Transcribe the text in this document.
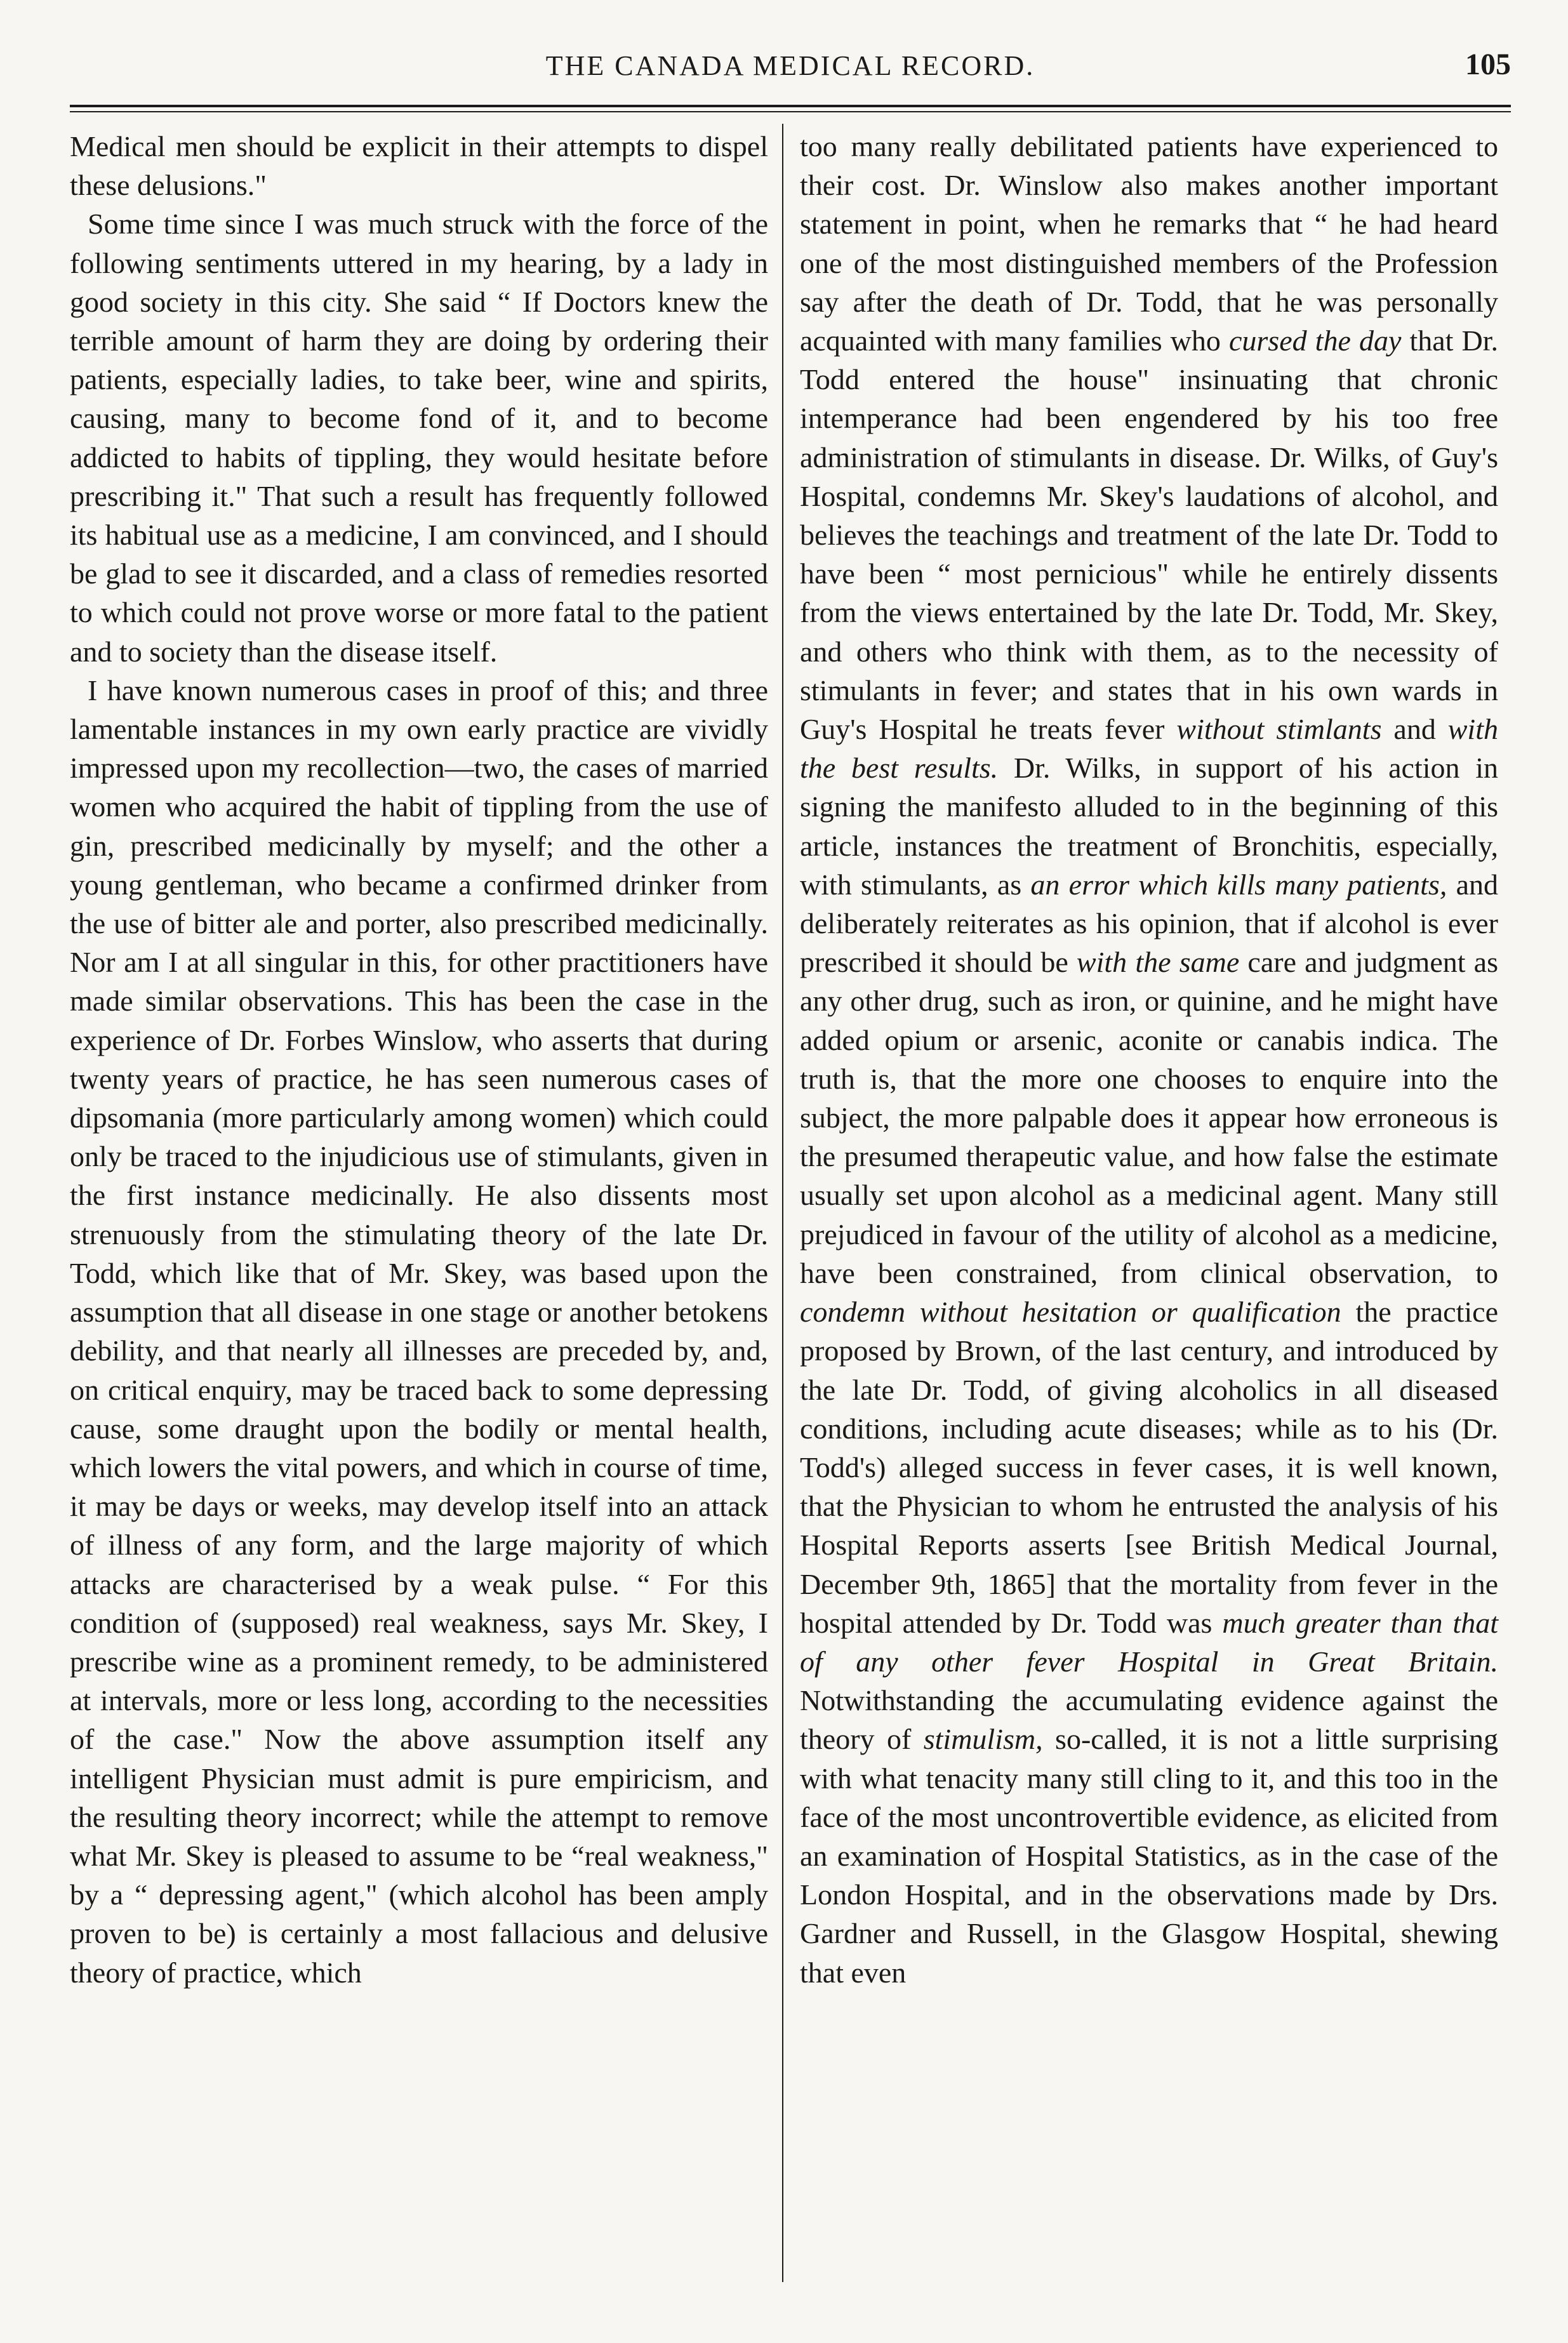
THE CANADA MEDICAL RECORD.	105

Medical men should be explicit in their attempts to dispel these delusions."

Some time since I was much struck with the force of the following sentiments uttered in my hearing, by a lady in good society in this city. She said “ If Doctors knew the terrible amount of harm they are doing by ordering their patients, especially ladies, to take beer, wine and spirits, causing, many to become fond of it, and to become addicted to habits of tippling, they would hesitate before prescribing it." That such a result has frequently followed its habitual use as a medicine, I am convinced, and I should be glad to see it discarded, and a class of remedies resorted to which could not prove worse or more fatal to the patient and to society than the disease itself.

I have known numerous cases in proof of this; and three lamentable instances in my own early practice are vividly impressed upon my recollection—two, the cases of married women who acquired the habit of tippling from the use of gin, prescribed medicinally by myself; and the other a young gentleman, who became a confirmed drinker from the use of bitter ale and porter, also prescribed medicinally. Nor am I at all singular in this, for other practitioners have made similar observations. This has been the case in the experience of Dr. Forbes Winslow, who asserts that during twenty years of practice, he has seen numerous cases of dipsomania (more particularly among women) which could only be traced to the injudicious use of stimulants, given in the first instance medicinally. He also dissents most strenuously from the stimulating theory of the late Dr. Todd, which like that of Mr. Skey, was based upon the assumption that all disease in one stage or another betokens debility, and that nearly all illnesses are preceded by, and, on critical enquiry, may be traced back to some depressing cause, some draught upon the bodily or mental health, which lowers the vital powers, and which in course of time, it may be days or weeks, may develop itself into an attack of illness of any form, and the large majority of which attacks are characterised by a weak pulse. “ For this condition of (supposed) real weakness, says Mr. Skey, I prescribe wine as a prominent remedy, to be administered at intervals, more or less long, according to the necessities of the case." Now the above assumption itself any intelligent Physician must admit is pure empiricism, and the resulting theory incorrect; while the attempt to remove what Mr. Skey is pleased to assume to be “real weakness," by a “ depressing agent," (which alcohol has been amply proven to be) is certainly a most fallacious and delusive theory of practice, which

too many really debilitated patients have experienced to their cost. Dr. Winslow also makes another important statement in point, when he remarks that “ he had heard one of the most distinguished members of the Profession say after the death of Dr. Todd, that he was personally acquainted with many families who cursed the day that Dr. Todd entered the house" insinuating that chronic intemperance had been engendered by his too free administration of stimulants in disease. Dr. Wilks, of Guy's Hospital, condemns Mr. Skey's laudations of alcohol, and believes the teachings and treatment of the late Dr. Todd to have been “ most pernicious" while he entirely dissents from the views entertained by the late Dr. Todd, Mr. Skey, and others who think with them, as to the necessity of stimulants in fever; and states that in his own wards in Guy's Hospital he treats fever without stimlants and with the best results. Dr. Wilks, in support of his action in signing the manifesto alluded to in the beginning of this article, instances the treatment of Bronchitis, especially, with stimulants, as an error which kills many patients, and deliberately reiterates as his opinion, that if alcohol is ever prescribed it should be with the same care and judgment as any other drug, such as iron, or quinine, and he might have added opium or arsenic, aconite or canabis indica. The truth is, that the more one chooses to enquire into the subject, the more palpable does it appear how erroneous is the presumed therapeutic value, and how false the estimate usually set upon alcohol as a medicinal agent. Many still prejudiced in favour of the utility of alcohol as a medicine, have been constrained, from clinical observation, to condemn without hesitation or qualification the practice proposed by Brown, of the last century, and introduced by the late Dr. Todd, of giving alcoholics in all diseased conditions, including acute diseases; while as to his (Dr. Todd's) alleged success in fever cases, it is well known, that the Physician to whom he entrusted the analysis of his Hospital Reports asserts [see British Medical Journal, December 9th, 1865] that the mortality from fever in the hospital attended by Dr. Todd was much greater than that of any other fever Hospital in Great Britain. Notwithstanding the accumulating evidence against the theory of stimulism, so-called, it is not a little surprising with what tenacity many still cling to it, and this too in the face of the most uncontrovertible evidence, as elicited from an examination of Hospital Statistics, as in the case of the London Hospital, and in the observations made by Drs. Gardner and Russell, in the Glasgow Hospital, shewing that even
